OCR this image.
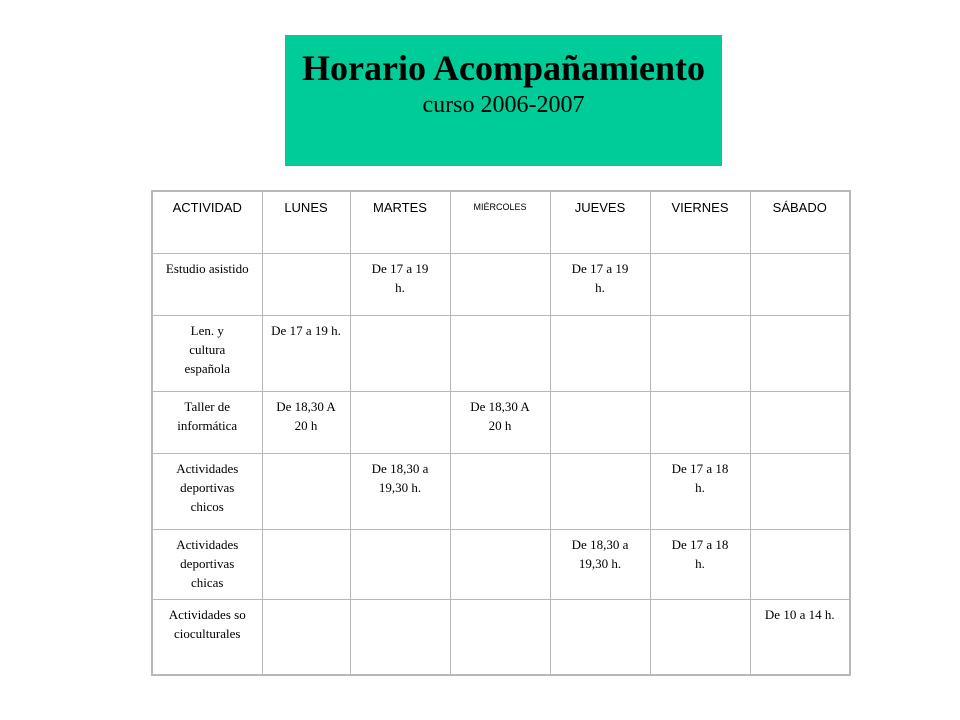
Horario Acompañamiento
curso 2006-2007
ACTIVIDAD	LUNES	MARTES	MIÉRCOLES	JUEVES	VIERNES	SÁBADO
Estudio asistido		De 17 a 19 h.		De 17 a 19 h.		
Len. y cultura española	De 17 a 19 h.					
Taller de informática	De 18,30 A 20 h		De 18,30 A 20 h			
Actividades deportivas chicos		De 18,30 a 19,30 h.			De 17 a 18 h.	
Actividades deportivas chicas				De 18,30 a 19,30 h.	De 17 a 18 h.	
Actividades socioculturales						De 10 a 14 h.
